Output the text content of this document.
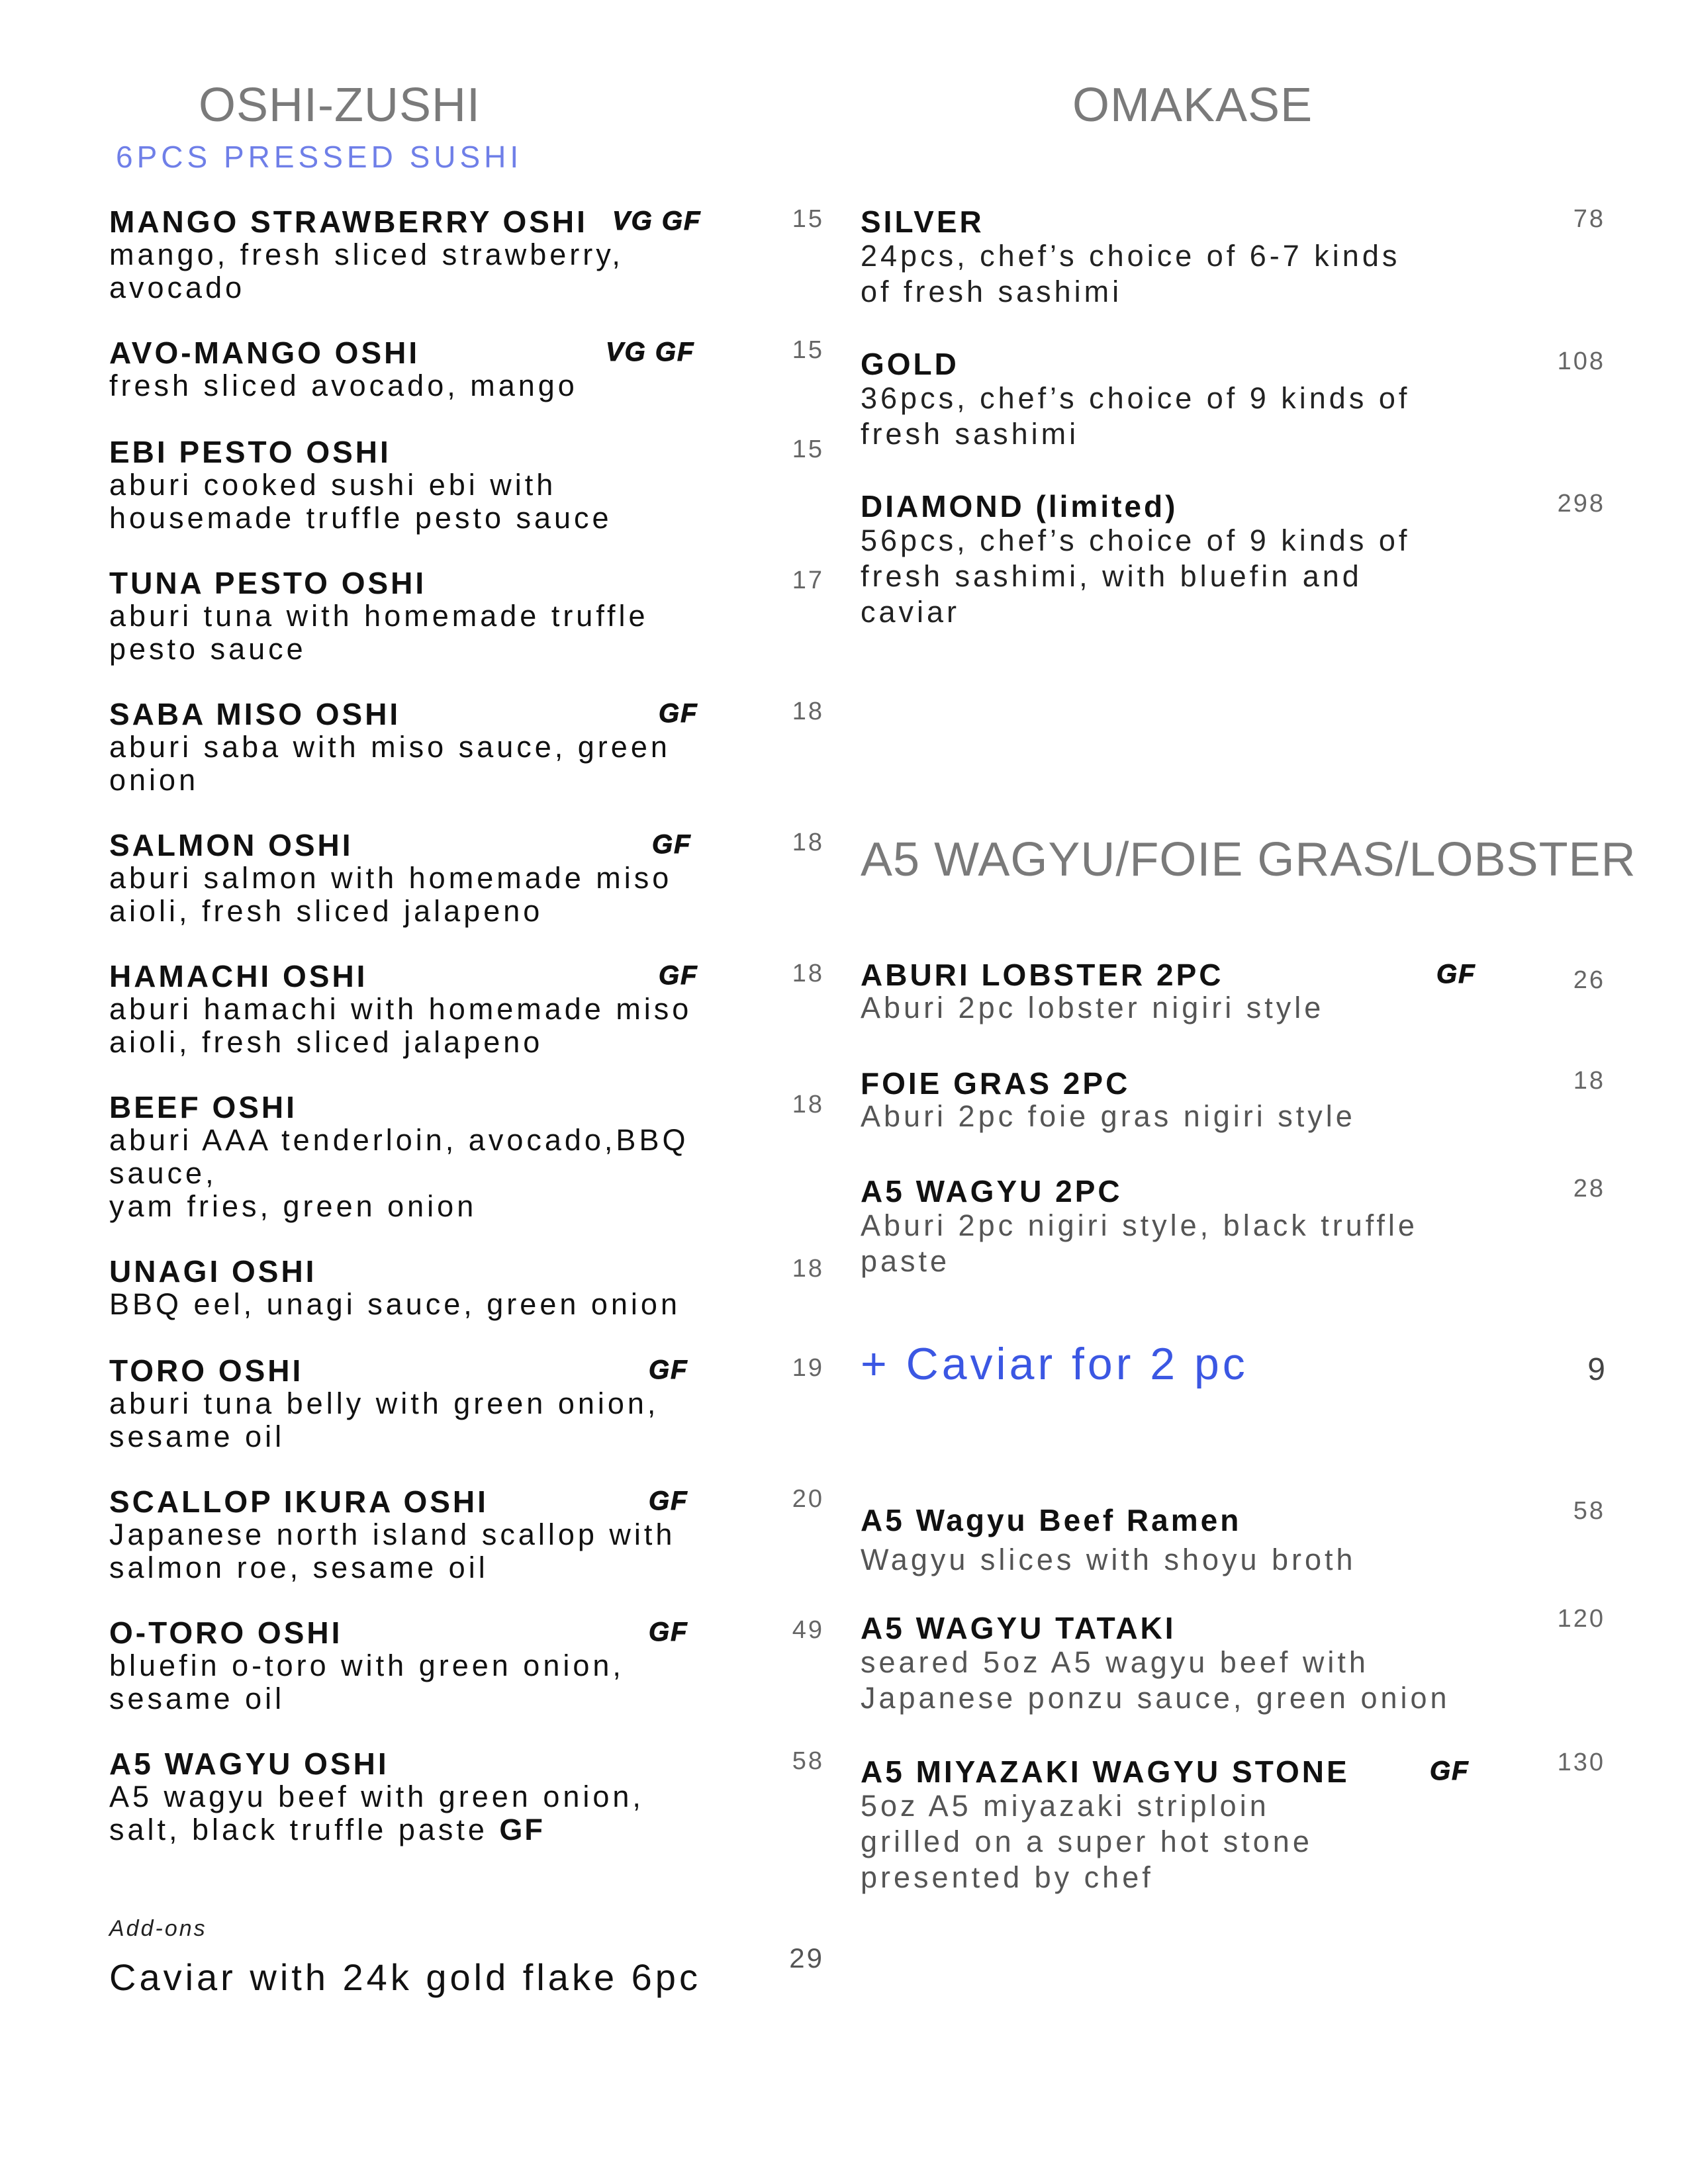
OSHI-ZUSHI
6PCS PRESSED SUSHI
MANGO STRAWBERRY OSHI VG GF
mango, fresh sliced strawberry,
avocado
15
AVO-MANGO OSHI	VG GF
fresh sliced avocado, mango
15
EBI PESTO OSHI
aburi cooked sushi ebi with
housemade truffle pesto sauce
15
TUNA PESTO OSHI
aburi tuna with homemade truffle
pesto sauce
17
SABA MISO OSHI	GF
aburi saba with miso sauce, green
onion
18
SALMON OSHI	GF
aburi salmon with homemade miso
aioli, fresh sliced jalapeno
18
HAMACHI OSHI	GF
aburi hamachi with homemade miso
aioli, fresh sliced jalapeno
18
BEEF OSHI
aburi AAA tenderloin, avocado,BBQ
sauce,
yam fries, green onion
18
UNAGI OSHI
BBQ eel, unagi sauce, green onion
18
TORO OSHI	GF
aburi tuna belly with green onion,
sesame oil
19
SCALLOP IKURA OSHI	GF
Japanese north island scallop with
salmon roe, sesame oil
20
O-TORO OSHI	GF
bluefin o-toro with green onion,
sesame oil
49
A5 WAGYU OSHI
A5 wagyu beef with green onion,
salt, black truffle paste GF
58
Add-ons
Caviar with 24k gold flake 6pc	29
OMAKASE
SILVER
24pcs, chef’s choice of 6-7 kinds
of fresh sashimi
78
GOLD
36pcs, chef’s choice of 9 kinds of
fresh sashimi
108
DIAMOND (limited)
56pcs, chef’s choice of 9 kinds of
fresh sashimi, with bluefin and
caviar
298
A5 WAGYU/FOIE GRAS/LOBSTER
ABURI LOBSTER 2PC	GF
Aburi 2pc lobster nigiri style
26
FOIE GRAS 2PC
Aburi 2pc foie gras nigiri style
18
A5 WAGYU 2PC
Aburi 2pc nigiri style, black truffle
paste
28
+ Caviar for 2 pc	9
A5 Wagyu Beef Ramen
Wagyu slices with shoyu broth
58
A5 WAGYU TATAKI
seared 5oz A5 wagyu beef with
Japanese ponzu sauce, green onion
120
A5 MIYAZAKI WAGYU STONE	GF
5oz A5 miyazaki striploin
grilled on a super hot stone
presented by chef
130
